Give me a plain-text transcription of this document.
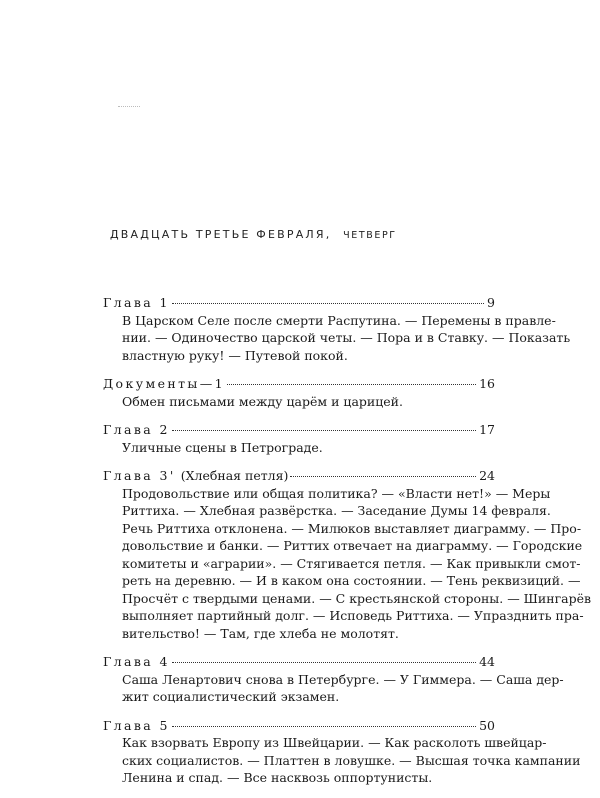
ДВАДЦАТЬ ТРЕТЬЕ ФЕВРАЛЯ, ЧЕТВЕРГ
Глава 1	9
В Царском Селе после смерти Распутина. — Перемены в правле-
нии. — Одиночество царской четы. — Пора и в Ставку. — Показать
властную руку! — Путевой покой.
Документы—1	16
Обмен письмами между царём и царицей.
Глава 2	17
Уличные сцены в Петрограде.
Глава 3' (Хлебная петля)	24
Продовольствие или общая политика? — «Власти нет!» — Меры
Риттиха. — Хлебная развёрстка. — Заседание Думы 14 февраля.
Речь Риттиха отклонена. — Милюков выставляет диаграмму. — Про-
довольствие и банки. — Риттих отвечает на диаграмму. — Городские
комитеты и «аграрии». — Стягивается петля. — Как привыкли смот-
реть на деревню. — И в каком она состоянии. — Тень реквизиций. —
Просчёт с твердыми ценами. — С крестьянской стороны. — Шингарёв
выполняет партийный долг. — Исповедь Риттиха. — Упразднить пра-
вительство! — Там, где хлеба не молотят.
Глава 4	44
Саша Ленартович снова в Петербурге. — У Гиммера. — Саша дер-
жит социалистический экзамен.
Глава 5	50
Как взорвать Европу из Швейцарии. — Как расколоть швейцар-
ских социалистов. — Платтен в ловушке. — Высшая точка кампании
Ленина и спад. — Все насквозь оппортунисты.
